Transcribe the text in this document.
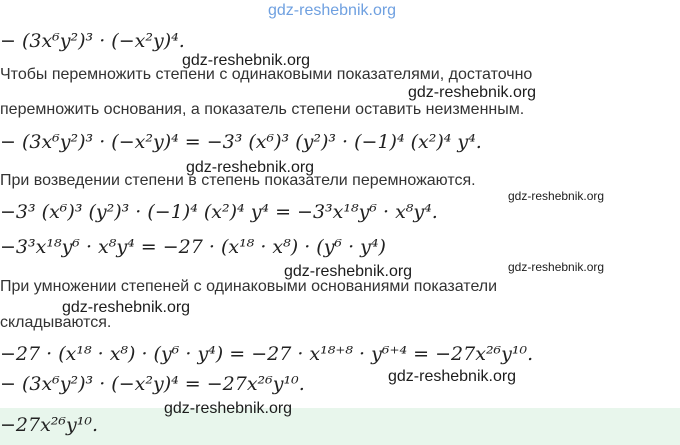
gdz-reshebnik.org
− (3x⁶y²)³ · (−x²y)⁴.
gdz-reshebnik.org
Чтобы перемножить степени с одинаковыми показателями, достаточно
gdz-reshebnik.org
перемножить основания, а показатель степени оставить неизменным.
− (3x⁶y²)³ · (−x²y)⁴ = −3³ (x⁶)³ (y²)³ · (−1)⁴ (x²)⁴ y⁴.
gdz-reshebnik.org
При возведении степени в степень показатели перемножаются.
gdz-reshebnik.org
−3³ (x⁶)³ (y²)³ · (−1)⁴ (x²)⁴ y⁴ = −3³x¹⁸y⁶ · x⁸y⁴.
−3³x¹⁸y⁶ · x⁸y⁴ = −27 · (x¹⁸ · x⁸) · (y⁶ · y⁴)
gdz-reshebnik.org
gdz-reshebnik.org
При умножении степеней с одинаковыми основаниями показатели
gdz-reshebnik.org
складываются.
−27 · (x¹⁸ · x⁸) · (y⁶ · y⁴) = −27 · x¹⁸⁺⁸ · y⁶⁺⁴ = −27x²⁶y¹⁰.
gdz-reshebnik.org
− (3x⁶y²)³ · (−x²y)⁴ = −27x²⁶y¹⁰.
gdz-reshebnik.org
−27x²⁶y¹⁰.
